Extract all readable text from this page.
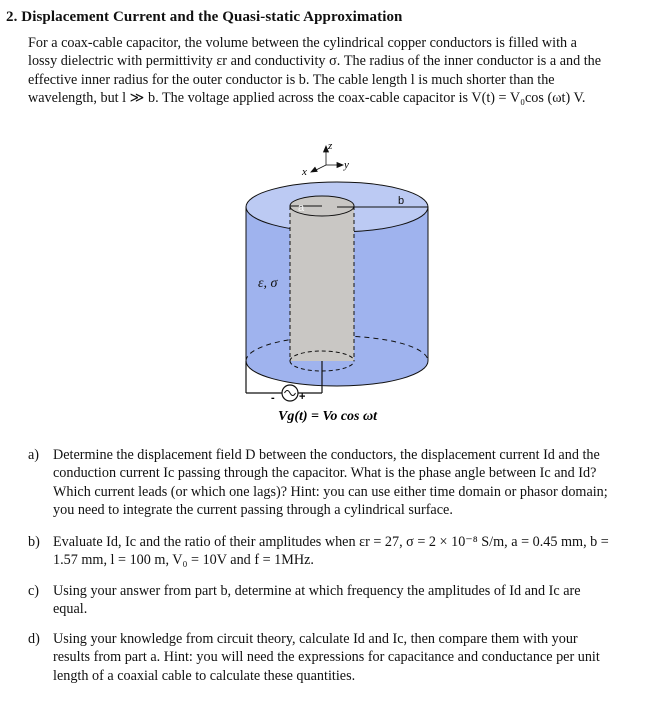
2. Displacement Current and the Quasi-static Approximation

For a coax-cable capacitor, the volume between the cylindrical copper conductors is filled with a

lossy dielectric with permittivity εr and conductivity σ. The radius of the inner conductor is a and the

effective inner radius for the outer conductor is b. The cable length l is much shorter than the

wavelength, but l ≫ b. The voltage applied across the coax-cable capacitor is V(t) = V₀cos (ωt) V.

z
x
y
a
b
ε, σ
- +
Vg(t) = Vo cos ωt
a) Determine the displacement field D between the conductors, the displacement current Id and the

conduction current Ic passing through the capacitor. What is the phase angle between Ic and Id?

Which current leads (or which one lags)? Hint: you can use either time domain or phasor domain;

you need to integrate the current passing through a cylindrical surface.

b) Evaluate Id, Ic and the ratio of their amplitudes when εr = 27, σ = 2 × 10⁻⁸ S/m, a = 0.45 mm, b =

1.57 mm, l = 100 m, V₀ = 10V and f = 1MHz.

c) Using your answer from part b, determine at which frequency the amplitudes of Id and Ic are

equal.

d) Using your knowledge from circuit theory, calculate Id and Ic, then compare them with your

results from part a. Hint: you will need the expressions for capacitance and conductance per unit

length of a coaxial cable to calculate these quantities.
